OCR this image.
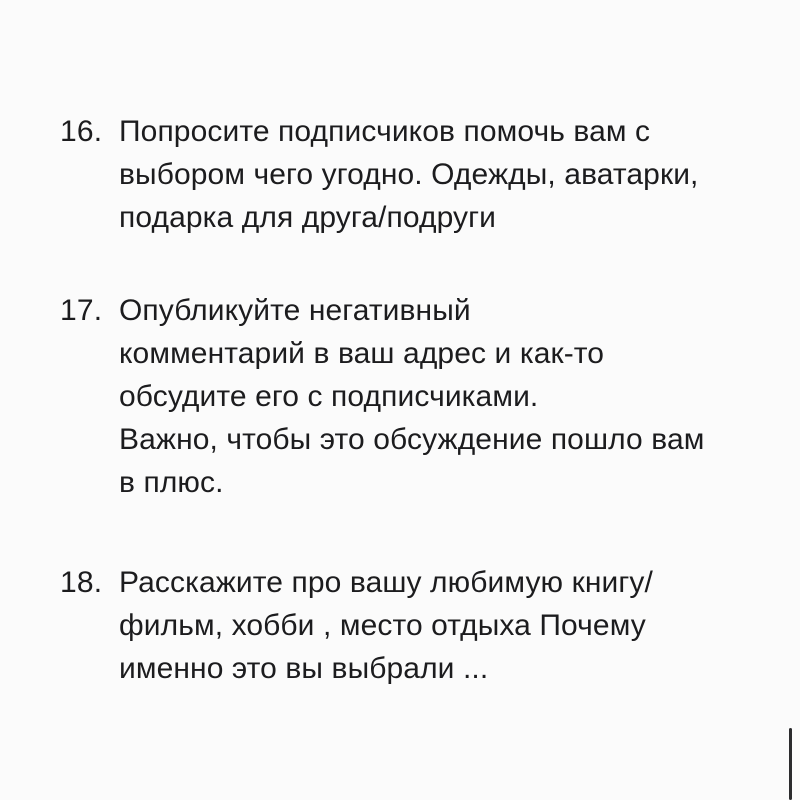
16. Попросите подписчиков помочь вам с
выбором чего угодно. Одежды, аватарки,
подарка для друга/подруги
17. Опубликуйте негативный
комментарий в ваш адрес и как-то
обсудите его с подписчиками.
Важно, чтобы это обсуждение пошло вам
в плюс.
18. Расскажите про вашу любимую книгу/
фильм, хобби , место отдыха Почему
именно это вы выбрали ...
